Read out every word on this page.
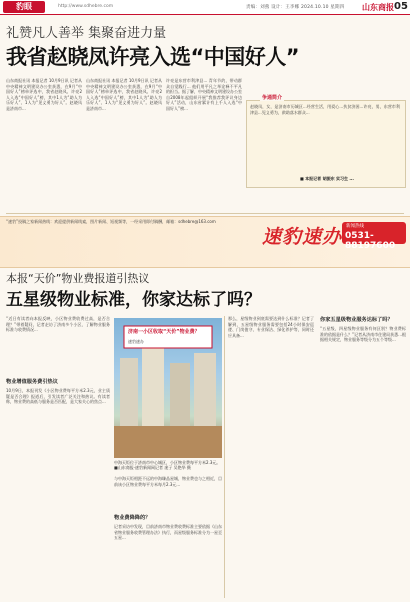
豹眼	http://www.sdhebre.com	责编：刘燕 设计：王李娜 2024.10.10 星期四 山东商报 05
礼赞凡人善举 集聚奋进力量
我省赵晓凤许亮入选“中国好人”
山东商报社讯 本报记者 10月9日讯 记者从中央精神文明建设办公室获悉，在9月“中国好人”榜单评选中，我省赵晓凤、许亮2人入选“中国好人”榜，其中1人为“助人为乐好人”、1人为“见义勇为好人”。赵晓凤是济南市...
山东商报社讯 本报记者 10月9日讯 记者从中央精神文明建设办公室获悉，在9月“中国好人”榜单评选中，我省赵晓凤、许亮2人入选“中国好人”榜，其中1人为“助人为乐好人”、1人为“见义勇为好人”。赵晓凤是济南市...
许亮是东营市利津县... 青年节约，带动群众自觉践行... 他们用平凡之举诠释不平凡的担当。据了解，中央精神文明建设办公室自2008年起组织开展“我推荐我评议身边好人”活动，山东省累计有上千人入选“中国好人”榜...
争通简介
赵晓凤，女，是济南市历城区...经营生活，用爱心...扶贫济困...许亮，男，东营市利津县...见义勇为，救助落水群众...
■ 本报记者 胡振东 实习生 ...
“速豹”投稿之家新闻热线：欢迎提供新闻线索，图片新闻、短视频等，一经采用即付稿酬，邮箱：sdhebre@163.com
速豹速办 新闻热线
0531-88197600
本报“天价”物业费报道引热议
五星级物业标准，你家达标了吗？
“近日有读者向本报反映，小区物业费收费过高，是否合理？”带着疑问，记者走访了济南多个小区，了解物业服务标准与收费情况...
物业增值服务费引热议
10月9日，本报刊发《小区物业费每平方米2.3元，业主质疑是否合理》报道后，引发读者广泛关注和热议。有读者称，物业费的高低与服务是否匹配，是大家关心的焦点...
济南一小区收取“天价”物业费？
速豹速办
中海天钜位于济南市中心城区，小区物业费每平方米2.3元。■山东商报·速豹新闻网记者 庞子 吴艳华 摄
与中海天钜相距不远的中海臻品星城，物业费也与之相近，目前该小区物业费每平方米每月2.3元...
物业费降降的？
记者采访中发现，目前济南市物业费收费标准主要依据《山东省物业服务收费管理办法》执行，而星级服务标准分为一星至五星...
那么，星级物业到底需要达到什么标准？记者了解到，五星级物业服务需要包括24小时保安巡逻、门岗值守、专业保洁、绿化养护等，同时还应具备...
你家五星级物业服务达标了吗？
“五星级，四星级物业服务有何区别？物业费标准的依据是什么？”记者从济南市住建局获悉...根据相关规定，物业服务等级分为五个等级...
